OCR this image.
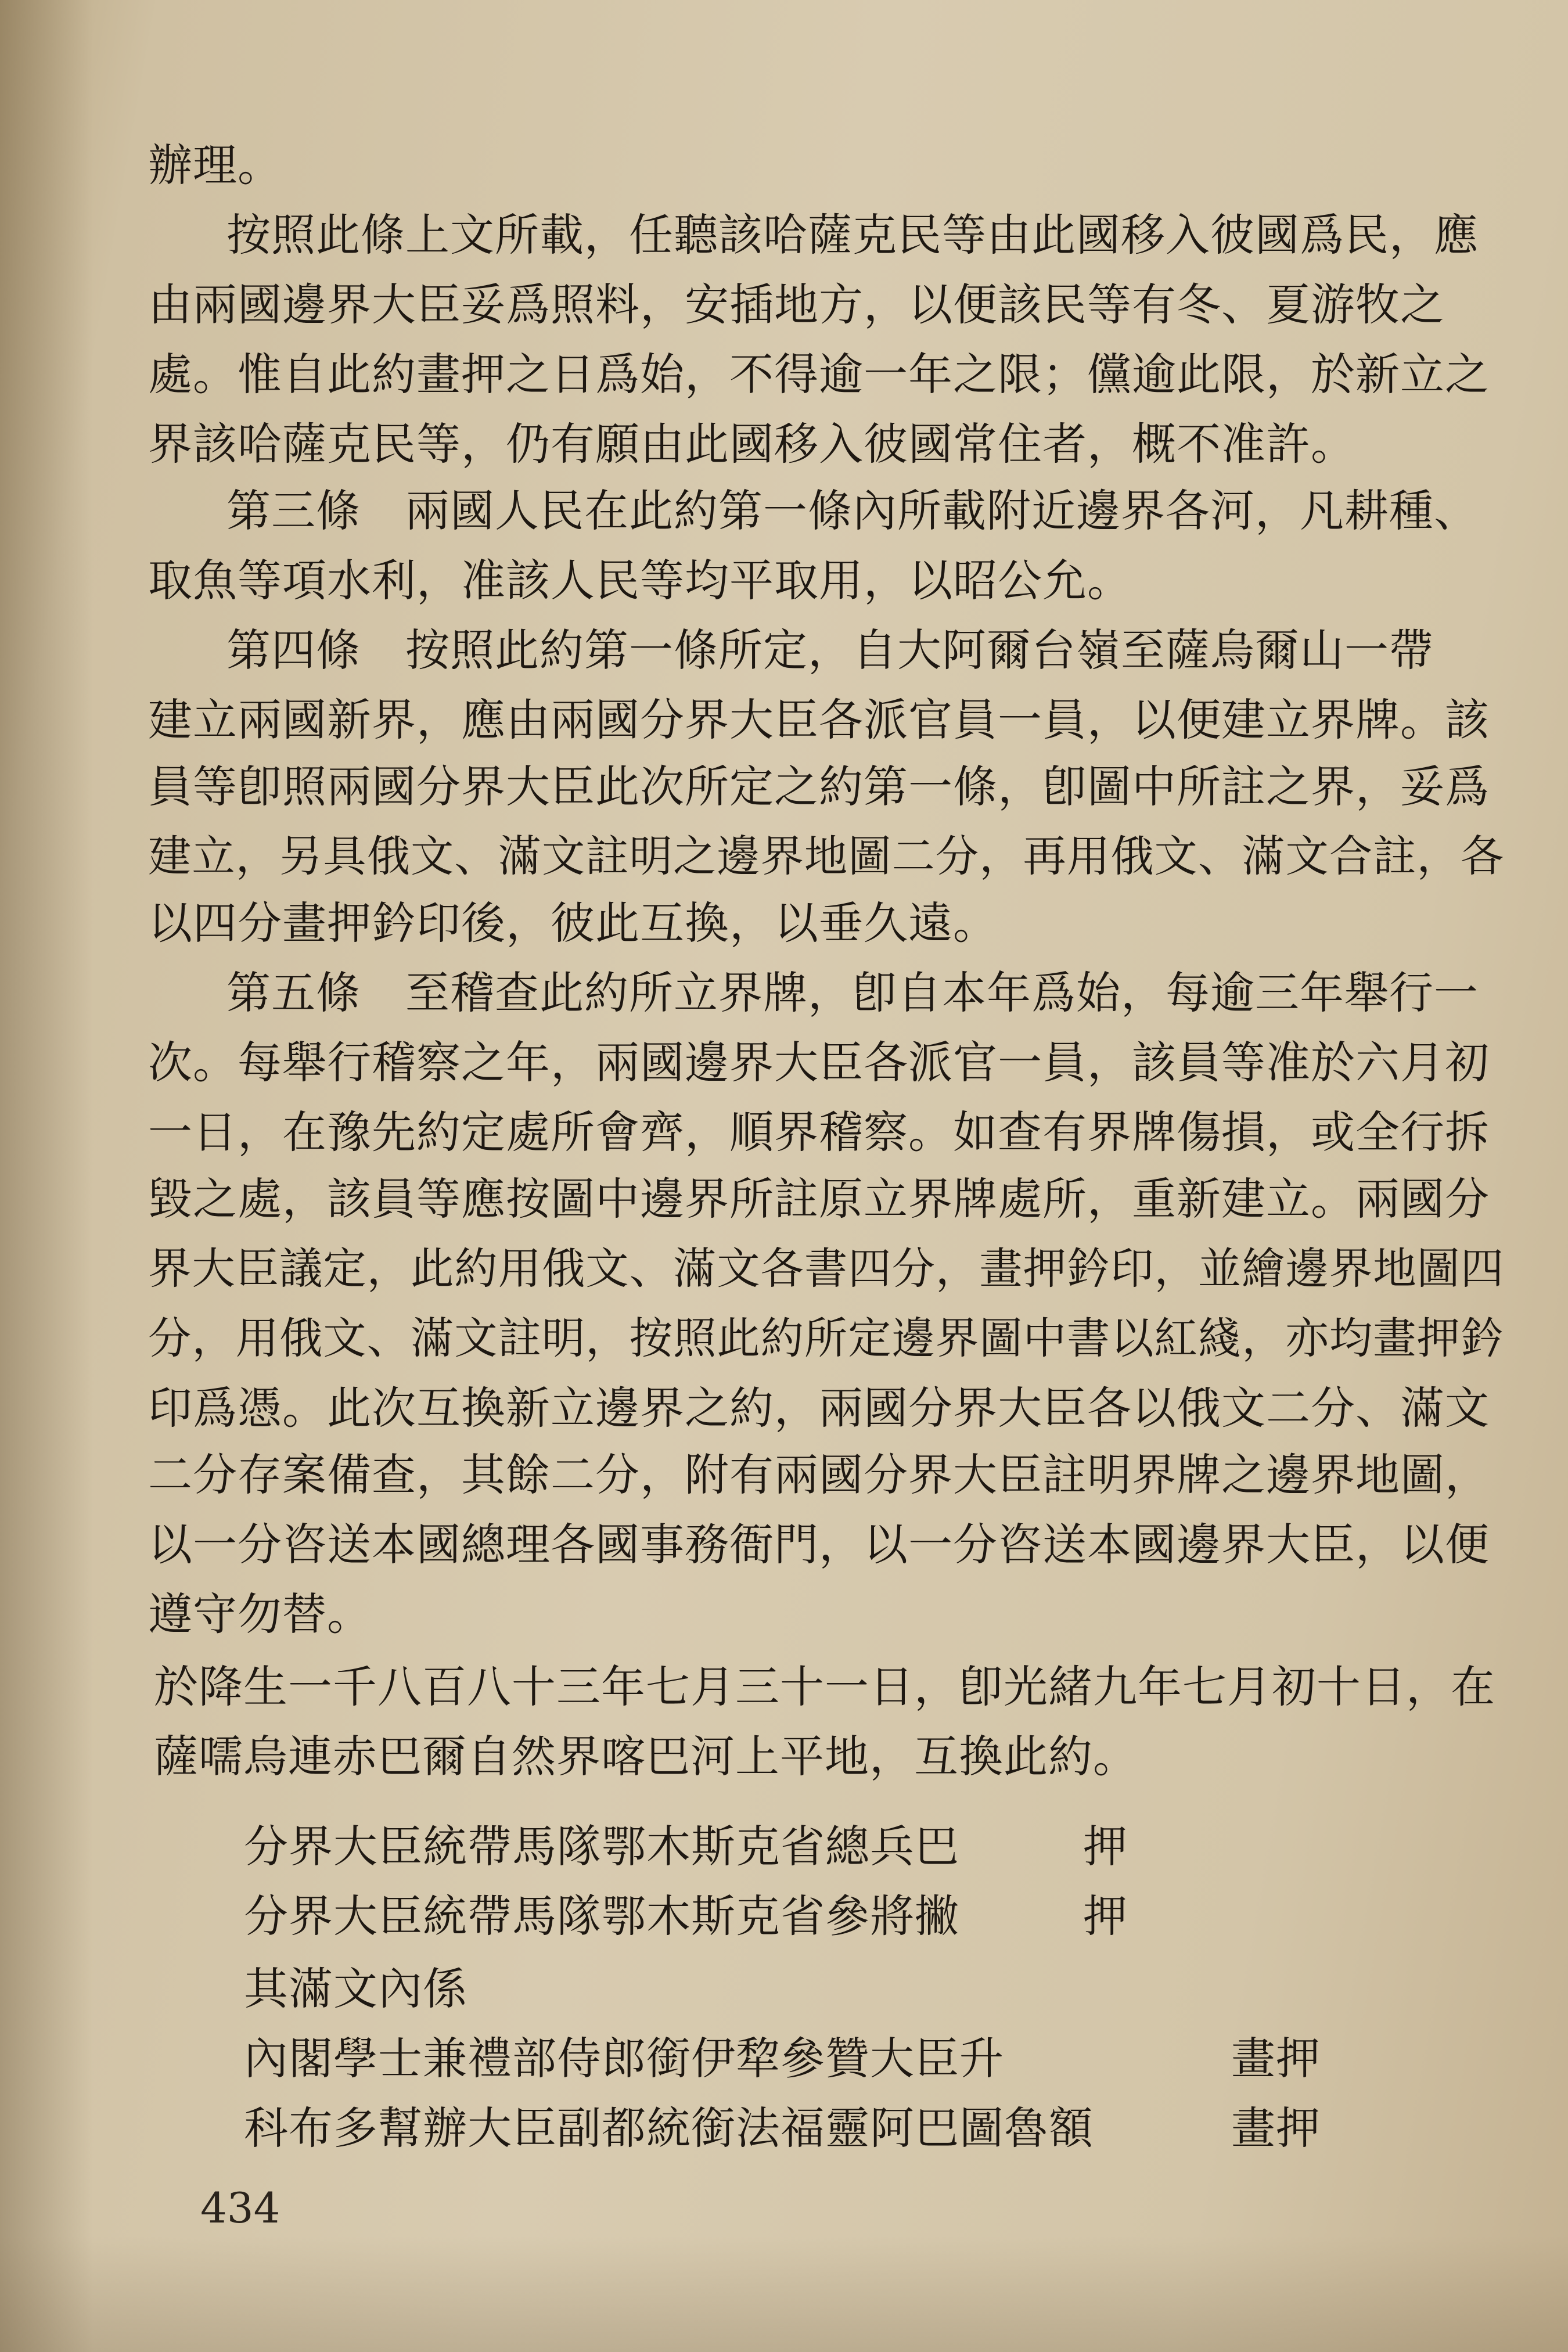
辦理。
按照此條上文所載，任聽該哈薩克民等由此國移入彼國爲民，應
由兩國邊界大臣妥爲照料，安插地方，以便該民等有冬、夏游牧之
處。惟自此約畫押之日爲始，不得逾一年之限；儻逾此限，於新立之
界該哈薩克民等，仍有願由此國移入彼國常住者，概不准許。
第三條　兩國人民在此約第一條內所載附近邊界各河，凡耕種、
取魚等項水利，准該人民等均平取用，以昭公允。
第四條　按照此約第一條所定，自大阿爾台嶺至薩烏爾山一帶
建立兩國新界，應由兩國分界大臣各派官員一員，以便建立界牌。該
員等卽照兩國分界大臣此次所定之約第一條，卽圖中所註之界，妥爲
建立，另具俄文、滿文註明之邊界地圖二分，再用俄文、滿文合註，各
以四分畫押鈐印後，彼此互換，以垂久遠。
第五條　至稽查此約所立界牌，卽自本年爲始，每逾三年舉行一
次。每舉行稽察之年，兩國邊界大臣各派官一員，該員等准於六月初
一日，在豫先約定處所會齊，順界稽察。如查有界牌傷損，或全行拆
毀之處，該員等應按圖中邊界所註原立界牌處所，重新建立。兩國分
界大臣議定，此約用俄文、滿文各書四分，畫押鈐印，並繪邊界地圖四
分，用俄文、滿文註明，按照此約所定邊界圖中書以紅綫，亦均畫押鈐
印爲憑。此次互換新立邊界之約，兩國分界大臣各以俄文二分、滿文
二分存案備查，其餘二分，附有兩國分界大臣註明界牌之邊界地圖，
以一分咨送本國總理各國事務衙門，以一分咨送本國邊界大臣，以便
遵守勿替。
於降生一千八百八十三年七月三十一日，卽光緒九年七月初十日，在
薩嚅烏連赤巴爾自然界喀巴河上平地，互換此約。
分界大臣統帶馬隊鄂木斯克省總兵巴	押
分界大臣統帶馬隊鄂木斯克省參將撇	押
其滿文內係
內閣學士兼禮部侍郎銜伊犂參贊大臣升	畫押
科布多幫辦大臣副都統銜法福靈阿巴圖魯額	畫押
434
